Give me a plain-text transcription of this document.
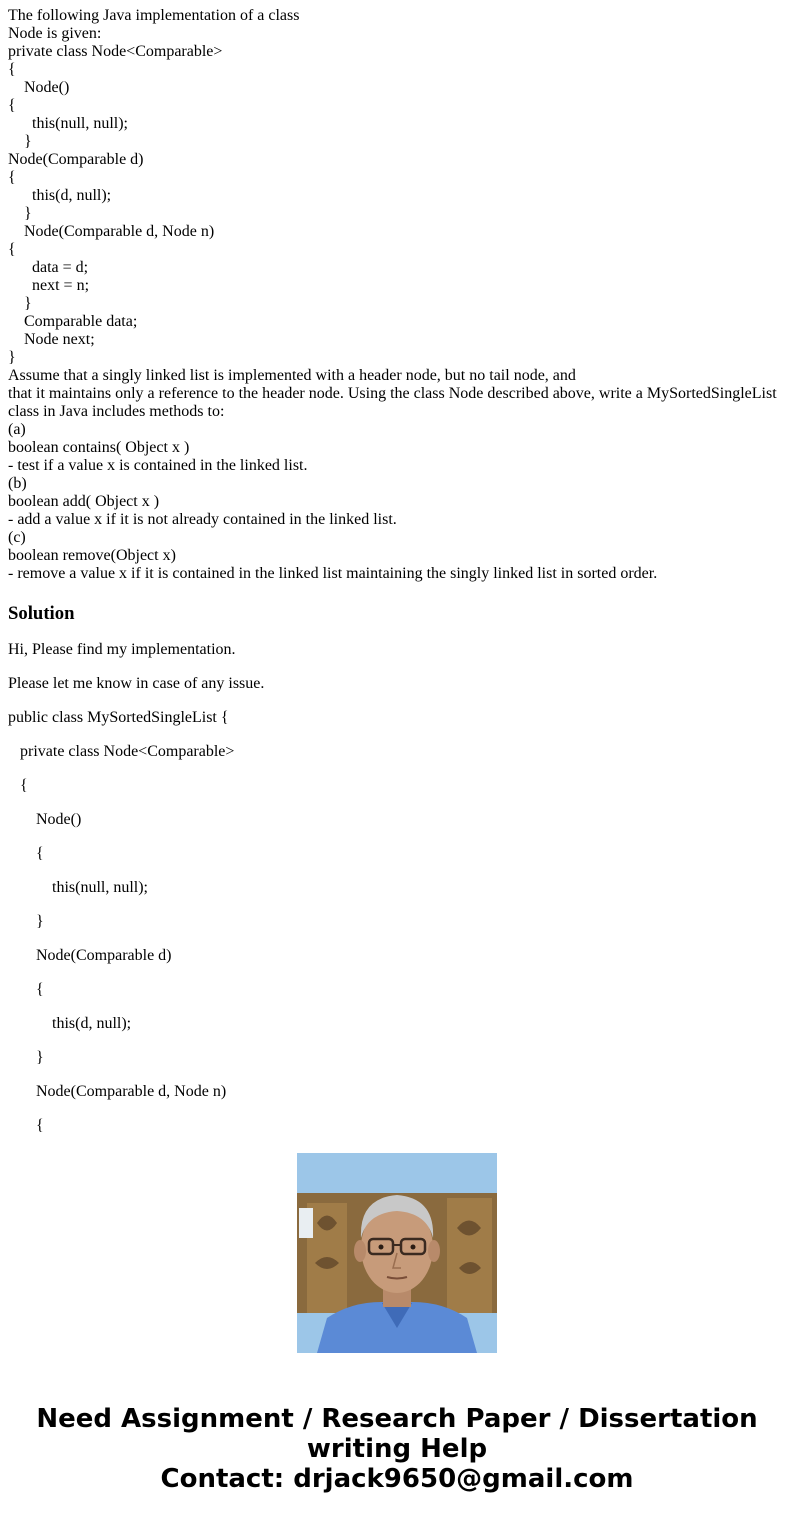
The following Java implementation of a class
Node is given:
private class Node<Comparable>
{
Node()
{
this(null, null);
}
Node(Comparable d)
{
this(d, null);
}
Node(Comparable d, Node n)
{
data = d;
next = n;
}
Comparable data;
Node next;
}
Assume that a singly linked list is implemented with a header node, but no tail node, and
that it maintains only a reference to the header node. Using the class Node described above, write a MySortedSingleList
class in Java includes methods to:
(a)
boolean contains( Object x )
- test if a value x is contained in the linked list.
(b)
boolean add( Object x )
- add a value x if it is not already contained in the linked list.
(c)
boolean remove(Object x)
- remove a value x if it is contained in the linked list maintaining the singly linked list in sorted order.
Solution
Hi, Please find my implementation.
Please let me know in case of any issue.
public class MySortedSingleList {
private class Node<Comparable>
{
Node()
{
this(null, null);
}
Node(Comparable d)
{
this(d, null);
}
Node(Comparable d, Node n)
{
Need Assignment / Research Paper / Dissertation
writing Help
Contact: drjack9650@gmail.com
